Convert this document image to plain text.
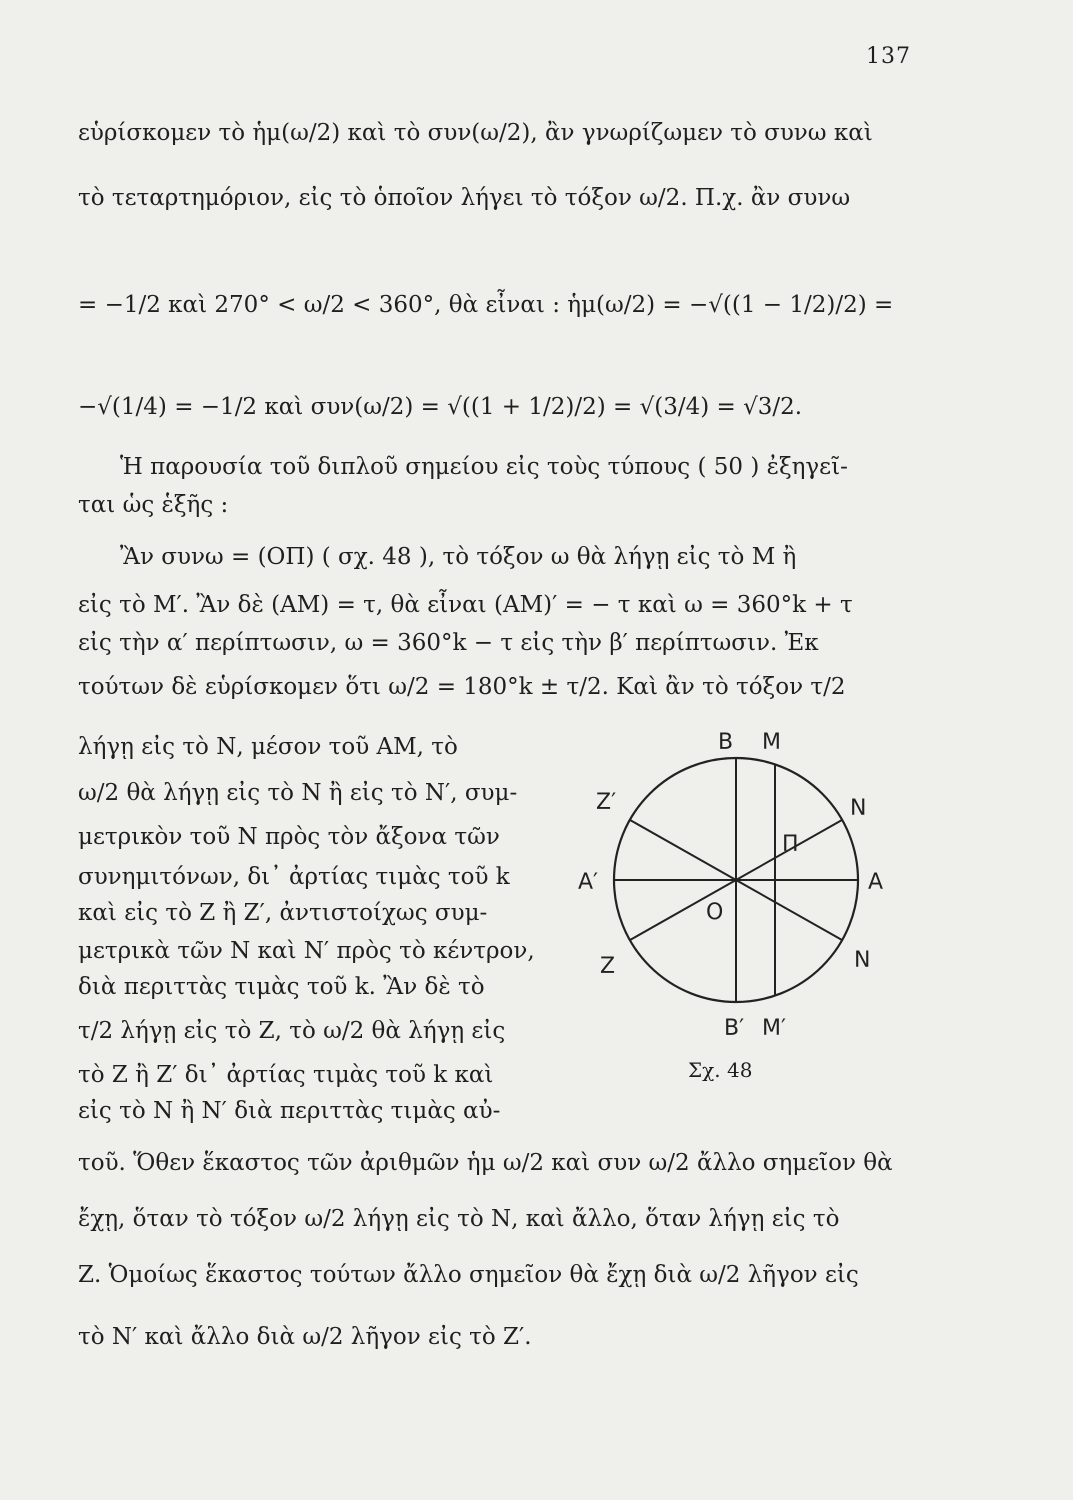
137
εὑρίσκομεν τὸ ἡμ(ω/2) καὶ τὸ συν(ω/2), ἂν γνωρίζωμεν τὸ συνω καὶ
τὸ τεταρτημόριον, εἰς τὸ ὁποῖον λήγει τὸ τόξον ω/2. Π.χ. ἂν συνω
= −1/2 καὶ 270° < ω/2 < 360°, θὰ εἶναι : ἡμ(ω/2) = −√((1 − 1/2)/2) =
−√(1/4) = −1/2 καὶ συν(ω/2) = √((1 + 1/2)/2) = √(3/4) = √3/2.
Ἡ παρουσία τοῦ διπλοῦ σημείου εἰς τοὺς τύπους ( 50 ) ἐξηγεῖ-
ται ὡς ἑξῆς :
Ἂν συνω = (ΟΠ) ( σχ. 48 ), τὸ τόξον ω θὰ λήγῃ εἰς τὸ Μ ἢ
εἰς τὸ Μ′. Ἂν δὲ (ΑΜ) = τ, θὰ εἶναι (ΑΜ)′ = − τ καὶ ω = 360°k + τ
εἰς τὴν α′ περίπτωσιν, ω = 360°k − τ εἰς τὴν β′ περίπτωσιν. Ἐκ
τούτων δὲ εὑρίσκομεν ὅτι ω/2 = 180°k ± τ/2. Καὶ ἂν τὸ τόξον τ/2
λήγῃ εἰς τὸ Ν, μέσον τοῦ ΑΜ, τὸ
ω/2 θὰ λήγῃ εἰς τὸ Ν ἢ εἰς τὸ Ν′, συμ-
μετρικὸν τοῦ Ν πρὸς τὸν ἄξονα τῶν
συνημιτόνων, δι᾽ ἀρτίας τιμὰς τοῦ k
καὶ εἰς τὸ Ζ ἢ Ζ′, ἀντιστοίχως συμ-
μετρικὰ τῶν Ν καὶ Ν′ πρὸς τὸ κέντρον,
διὰ περιττὰς τιμὰς τοῦ k. Ἂν δὲ τὸ
τ/2 λήγῃ εἰς τὸ Ζ, τὸ ω/2 θὰ λήγῃ εἰς
τὸ Ζ ἢ Ζ′ δι᾽ ἀρτίας τιμὰς τοῦ k καὶ
εἰς τὸ Ν ἢ Ν′ διὰ περιττὰς τιμὰς αὐ-
τοῦ. Ὅθεν ἕκαστος τῶν ἀριθμῶν ἡμ ω/2 καὶ συν ω/2 ἄλλο σημεῖον θὰ
ἔχῃ, ὅταν τὸ τόξον ω/2 λήγῃ εἰς τὸ Ν, καὶ ἄλλο, ὅταν λήγῃ εἰς τὸ
Ζ. Ὁμοίως ἕκαστος τούτων ἄλλο σημεῖον θὰ ἔχῃ διὰ ω/2 λῆγον εἰς
τὸ Ν′ καὶ ἄλλο διὰ ω/2 λῆγον εἰς τὸ Ζ′.
Β Μ
Ζ′	Ν
Π
Α′	Α
Ο
Ζ	Ν
Β′ Μ′
Σχ. 48
